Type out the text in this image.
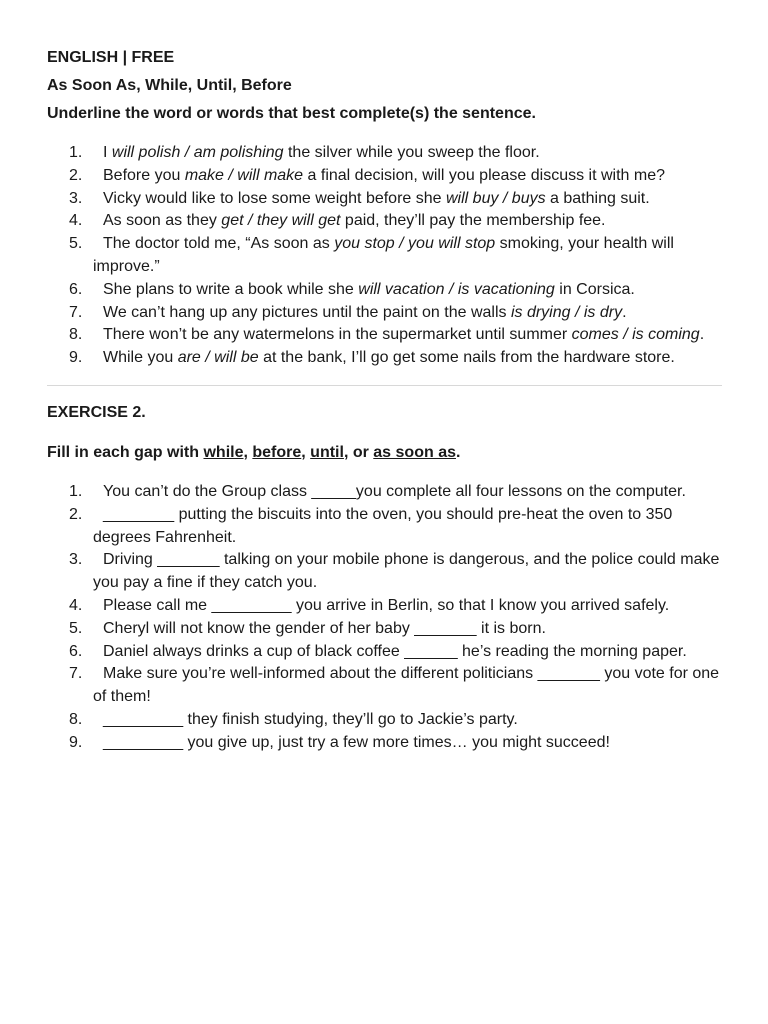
ENGLISH | FREE

As Soon As, While, Until, Before

Underline the word or words that best complete(s) the sentence.

1. I will polish / am polishing the silver while you sweep the floor.
2. Before you make / will make a final decision, will you please discuss it with me?
3. Vicky would like to lose some weight before she will buy / buys a bathing suit.
4. As soon as they get / they will get paid, they’ll pay the membership fee.
5. The doctor told me, “As soon as you stop / you will stop smoking, your health will improve.”
6. She plans to write a book while she will vacation / is vacationing in Corsica.
7. We can’t hang up any pictures until the paint on the walls is drying / is dry.
8. There won’t be any watermelons in the supermarket until summer comes / is coming.
9. While you are / will be at the bank, I’ll go get some nails from the hardware store.

EXERCISE 2.

Fill in each gap with while, before, until, or as soon as.

1. You can’t do the Group class _____you complete all four lessons on the computer.
2. ________ putting the biscuits into the oven, you should pre-heat the oven to 350 degrees Fahrenheit.
3. Driving _______ talking on your mobile phone is dangerous, and the police could make you pay a fine if they catch you.
4. Please call me _________ you arrive in Berlin, so that I know you arrived safely.
5. Cheryl will not know the gender of her baby _______ it is born.
6. Daniel always drinks a cup of black coffee ______ he’s reading the morning paper.
7. Make sure you’re well-informed about the different politicians _______ you vote for one of them!
8. _________ they finish studying, they’ll go to Jackie’s party.
9. _________ you give up, just try a few more times… you might succeed!
